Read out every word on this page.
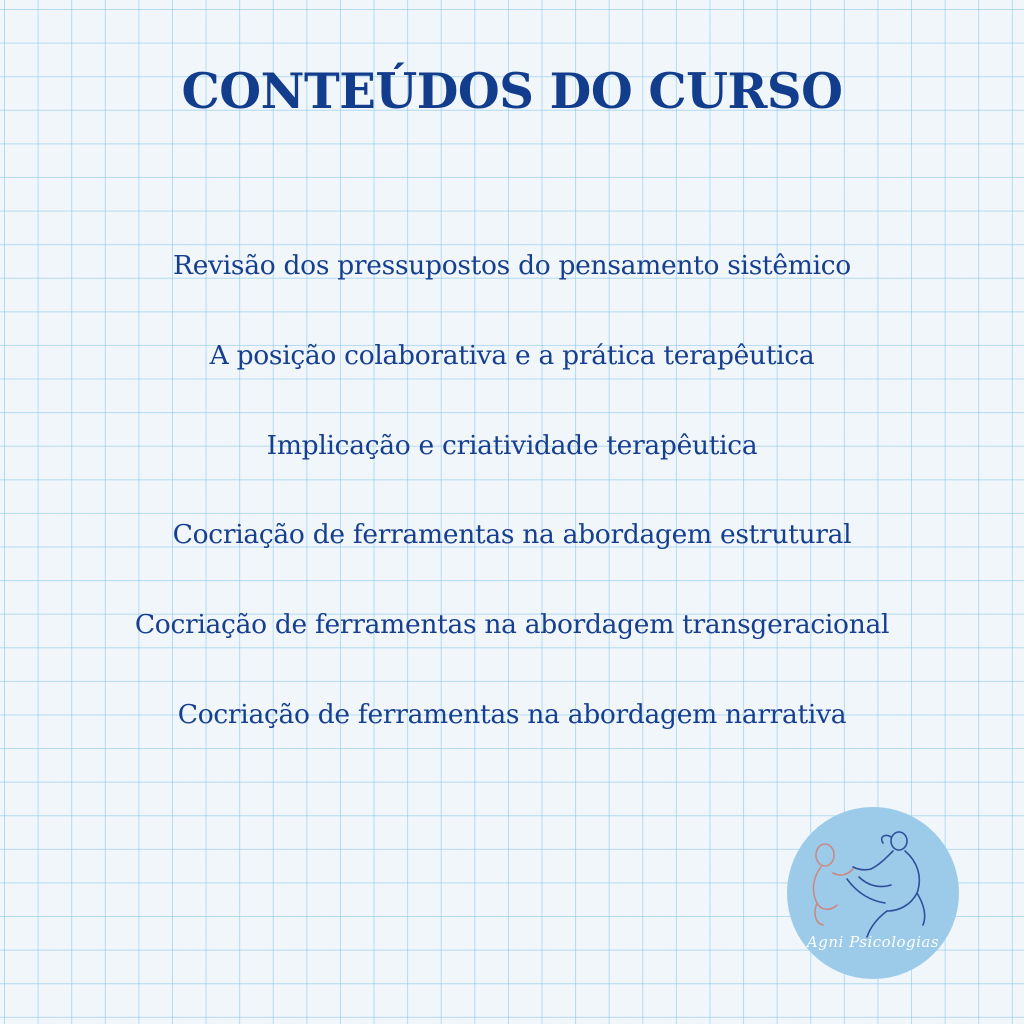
CONTEÚDOS DO CURSO
Revisão dos pressupostos do pensamento sistêmico
A posição colaborativa e a prática terapêutica
Implicação e criatividade terapêutica
Cocriação de ferramentas na abordagem estrutural
Cocriação de ferramentas na abordagem transgeracional
Cocriação de ferramentas na abordagem narrativa
Agni Psicologias
